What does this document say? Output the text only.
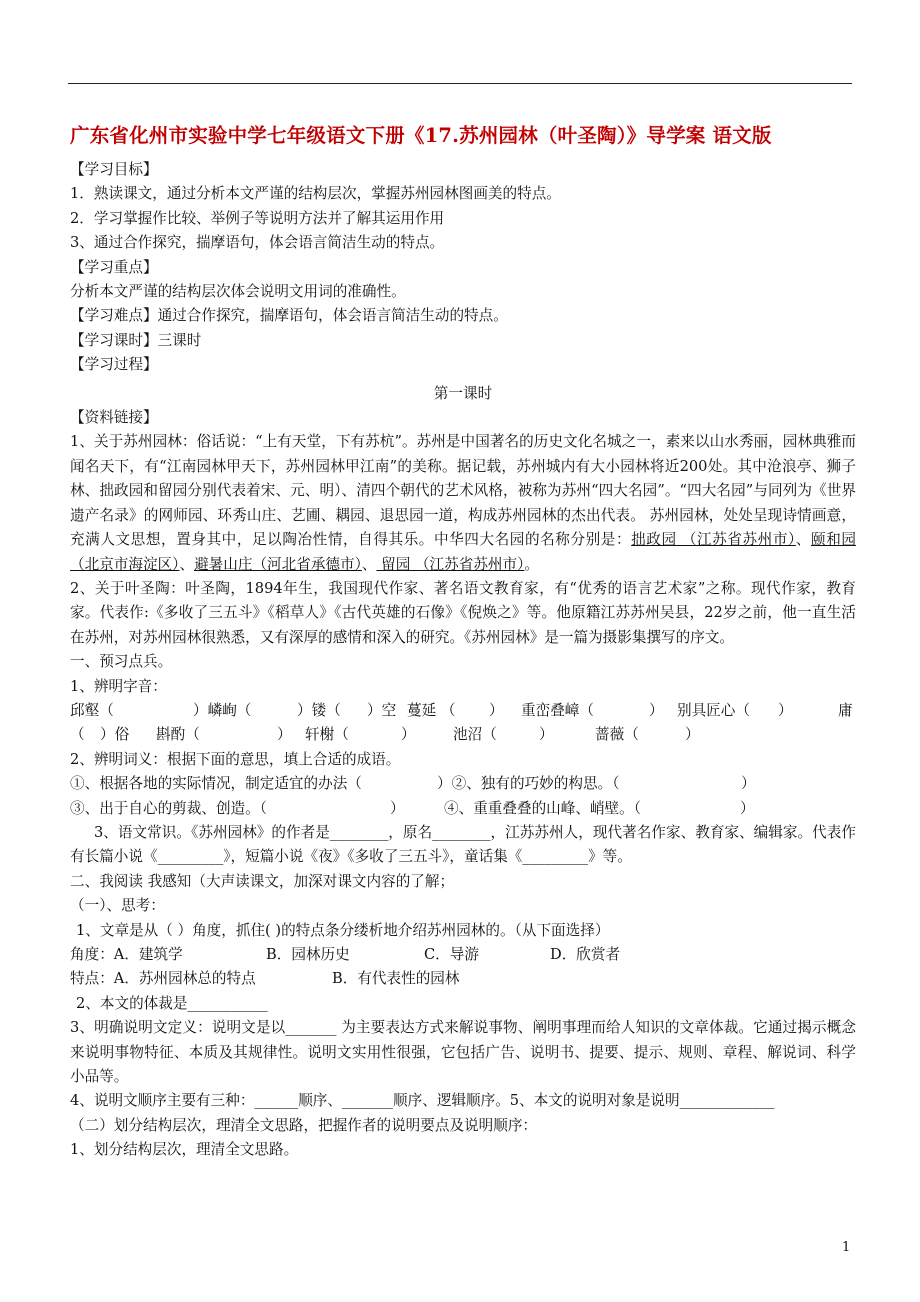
广东省化州市实验中学七年级语文下册《17.苏州园林（叶圣陶）》导学案 语文版

【学习目标】

1．熟读课文，通过分析本文严谨的结构层次，掌握苏州园林图画美的特点。

2．学习掌握作比较、举例子等说明方法并了解其运用作用

3、通过合作探究，揣摩语句，体会语言简洁生动的特点。

【学习重点】

分析本文严谨的结构层次体会说明文用词的准确性。

【学习难点】通过合作探究，揣摩语句，体会语言简洁生动的特点。

【学习课时】三课时

【学习过程】

第一课时

【资料链接】

1、关于苏州园林：俗话说：“上有天堂，下有苏杭”。苏州是中国著名的历史文化名城之一，素来以山水秀丽，园林典雅而闻名天下，有“江南园林甲天下，苏州园林甲江南”的美称。据记载，苏州城内有大小园林将近200处。其中沧浪亭、狮子林、拙政园和留园分别代表着宋、元、明）、清四个朝代的艺术风格，被称为苏州“四大名园”。“四大名园”与同列为《世界遗产名录》的网师园、环秀山庄、艺圃、耦园、退思园一道，构成苏州园林的杰出代表。 苏州园林，处处呈现诗情画意，充满人文思想，置身其中，足以陶冶性情，自得其乐。中华四大名园的名称分别是：拙政园 （江苏省苏州市）、颐和园 （北京市海淀区）、避暑山庄（河北省承德市）、 留园 （江苏省苏州市）。

2、关于叶圣陶：叶圣陶，1894年生，我国现代作家、著名语文教育家，有“优秀的语言艺术家”之称。现代作家，教育家。代表作:《多收了三五斗》《稻草人》《古代英雄的石像》《倪焕之》等。他原籍江苏苏州吴县，22岁之前，他一直生活在苏州，对苏州园林很熟悉，又有深厚的感情和深入的研究。《苏州园林》是一篇为摄影集撰写的序文。

一、预习点兵。

1、辨明字音：

邱壑（	）嶙峋（	）镂（	）空 蔓延 （	）	重峦叠嶂（	） 别具匠心（	）	庸
（	）俗	斟酌（	） 轩榭（	）	池沼（	）	蔷薇（	）

2、辨明词义：根据下面的意思，填上合适的成语。

①、根据各地的实际情况，制定适宜的办法（	）②、独有的巧妙的构思。（	）
③、出于自心的剪裁、创造。（	）	④、重重叠叠的山峰、峭壁。（	）

3、语文常识。《苏州园林》的作者是________，原名________，江苏苏州人，现代著名作家、教育家、编辑家。代表作有长篇小说《_________》，短篇小说《夜》《多收了三五斗》，童话集《_________》等。

二、我阅读 我感知（大声读课文，加深对课文内容的了解；

（一）、思考：

1、文章是从（ ）角度，抓住( )的特点条分缕析地介绍苏州园林的。（从下面选择）

角度：A．建筑学	B．园林历史	C．导游	D．欣赏者
特点：A．苏州园林总的特点	B．有代表性的园林

2、本文的体裁是___________

3、明确说明文定义：说明文是以_______ 为主要表达方式来解说事物、阐明事理而给人知识的文章体裁。它通过揭示概念来说明事物特征、本质及其规律性。说明文实用性很强，它包括广告、说明书、提要、提示、规则、章程、解说词、科学小品等。

4、说明文顺序主要有三种：______顺序、_______顺序、逻辑顺序。5、本文的说明对象是说明_____________

（二）划分结构层次，理清全文思路，把握作者的说明要点及说明顺序：

1、划分结构层次，理清全文思路。

1
